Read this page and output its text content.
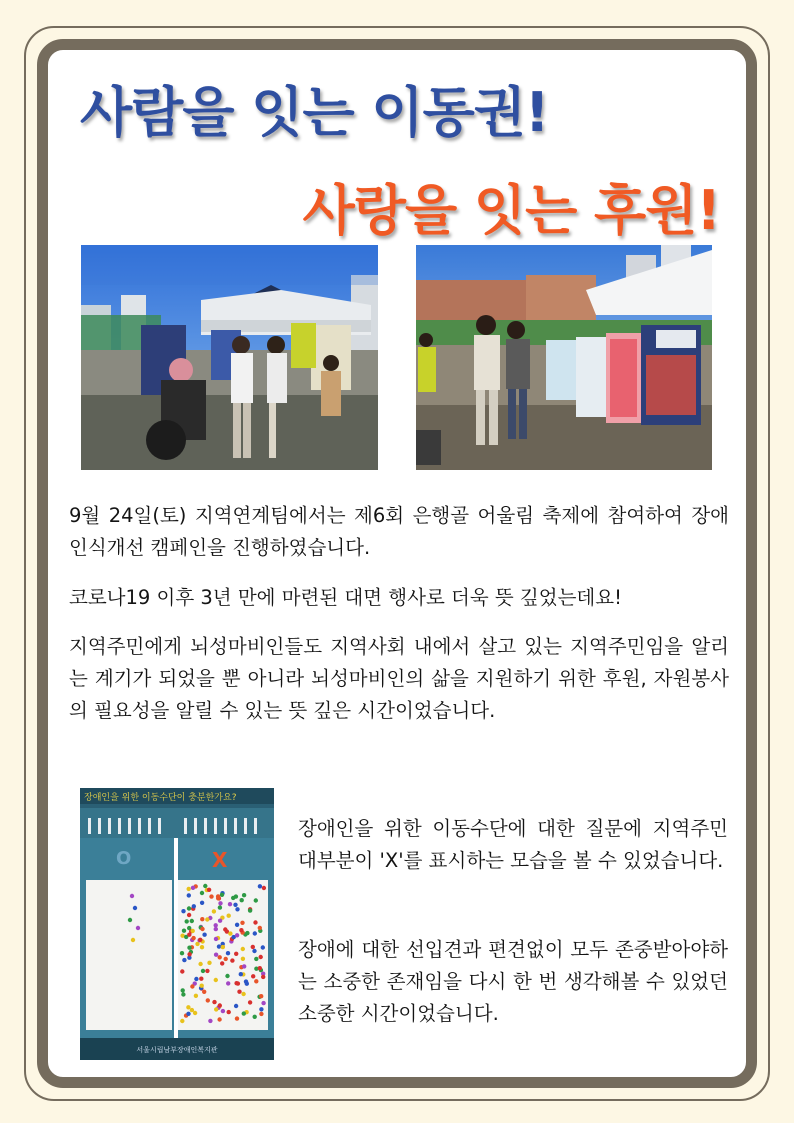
사람을 잇는 이동권!
사랑을 잇는 후원!

9월 24일(토) 지역연계팀에서는 제6회 은행골 어울림 축제에 참여하여 장애인식개선 캠페인을 진행하였습니다.

코로나19 이후 3년 만에 마련된 대면 행사로 더욱 뜻 깊었는데요!

지역주민에게 뇌성마비인들도 지역사회 내에서 살고 있는 지역주민임을 알리는 계기가 되었을 뿐 아니라 뇌성마비인의 삶을 지원하기 위한 후원, 자원봉사의 필요성을 알릴 수 있는 뜻 깊은 시간이었습니다.

장애인을 위한 이동수단이 충분한가요?
O	X
서울시립남부장애인복지관

장애인을 위한 이동수단에 대한 질문에 지역주민 대부분이 'X'를 표시하는 모습을 볼 수 있었습니다.

장애에 대한 선입견과 편견없이 모두 존중받아야하는 소중한 존재임을 다시 한 번 생각해볼 수 있었던 소중한 시간이었습니다.
